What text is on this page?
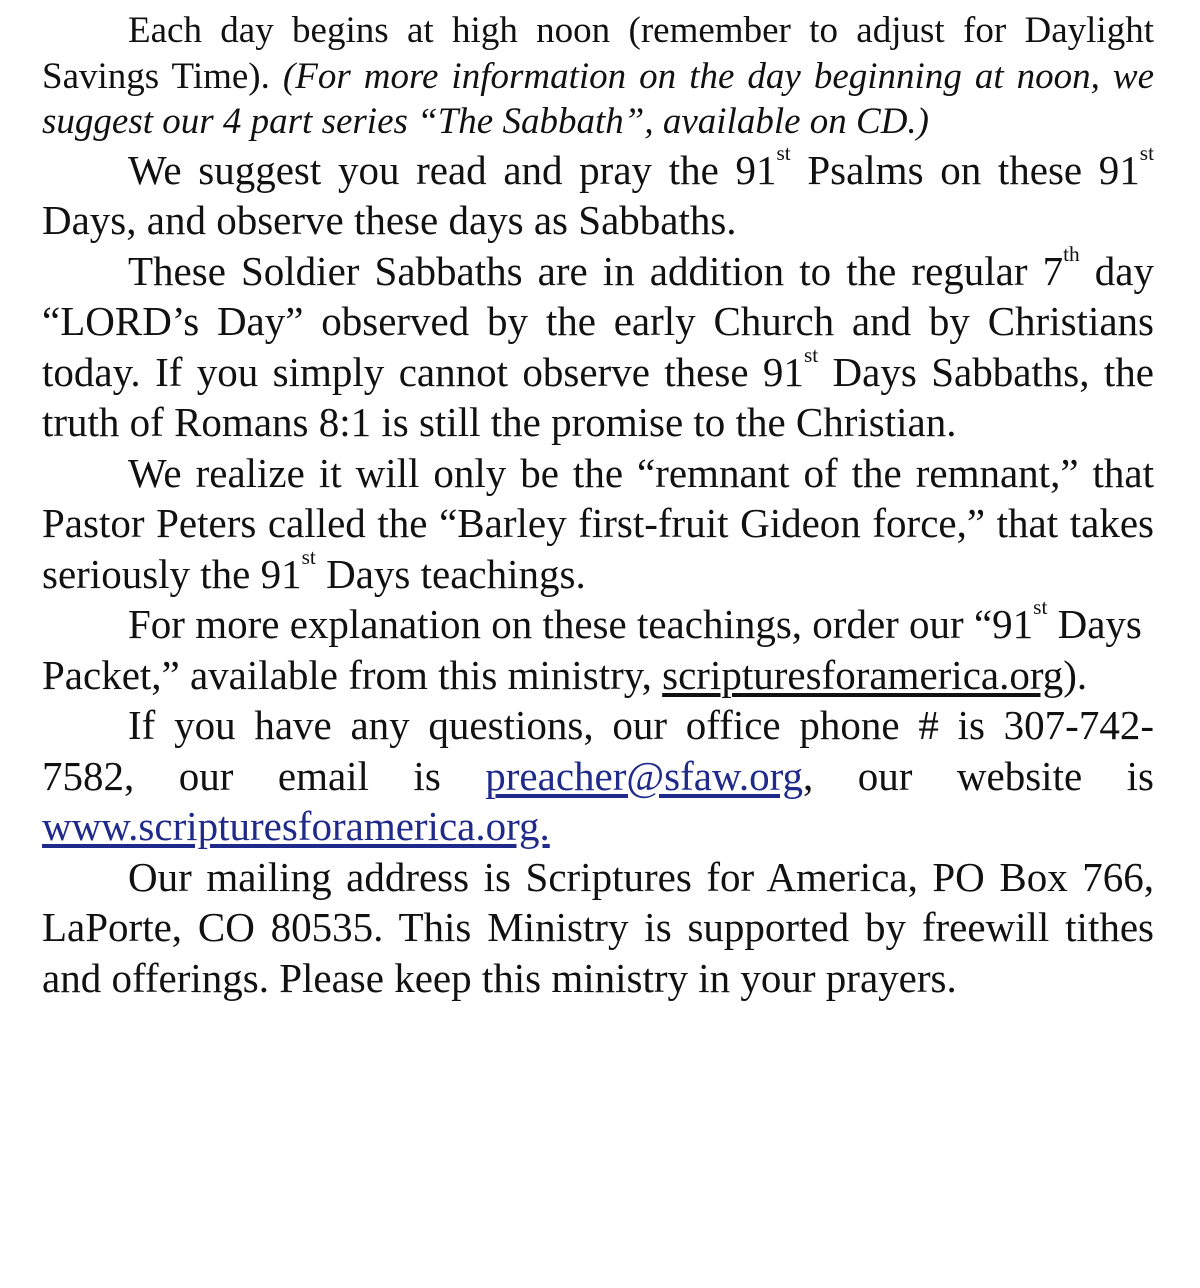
Each day begins at high noon (remember to adjust for Daylight Savings Time). (For more information on the day beginning at noon, we suggest our 4 part series “The Sabbath”, available on CD.)

We suggest you read and pray the 91st Psalms on these 91st Days, and observe these days as Sabbaths.

These Soldier Sabbaths are in addition to the regular 7th day “LORD’s Day” observed by the early Church and by Christians today. If you simply cannot observe these 91st Days Sabbaths, the truth of Romans 8:1 is still the promise to the Christian.

We realize it will only be the “remnant of the remnant,” that Pastor Peters called the “Barley first-fruit Gideon force,” that takes seriously the 91st Days teachings.

For more explanation on these teachings, order our “91st Days Packet,” available from this ministry, scripturesforamerica.org).

If you have any questions, our office phone # is 307-742-7582, our email is preacher@sfaw.org, our website is www.scripturesforamerica.org.

Our mailing address is Scriptures for America, PO Box 766, LaPorte, CO 80535. This Ministry is supported by freewill tithes and offerings. Please keep this ministry in your prayers.
